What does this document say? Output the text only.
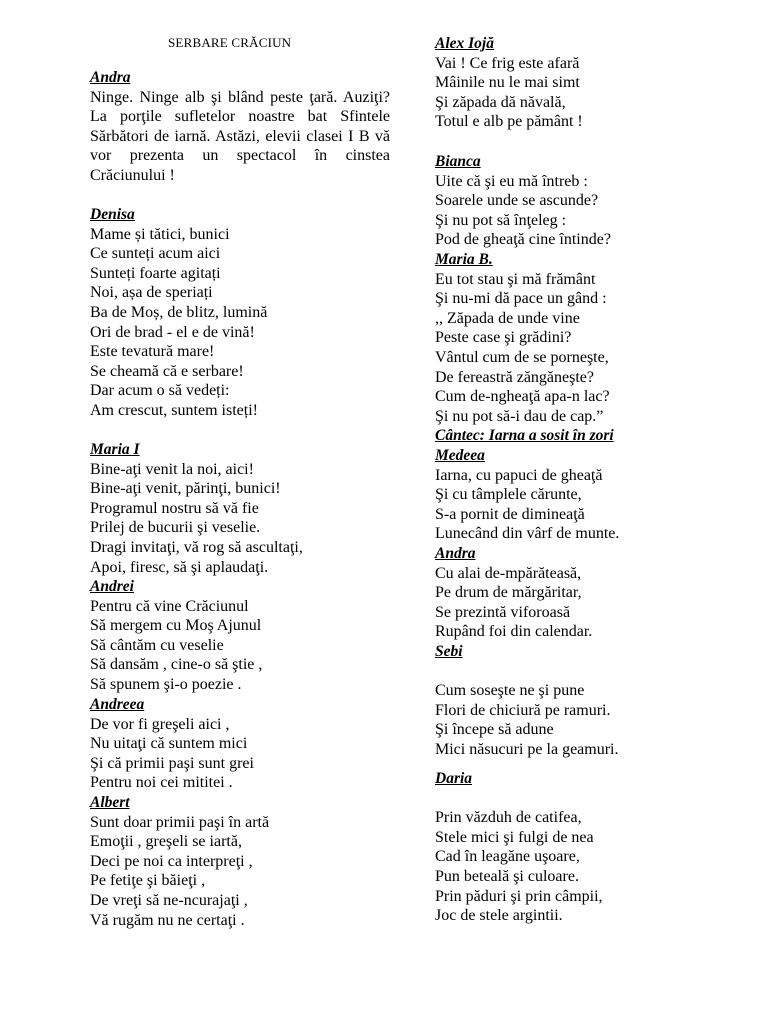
SERBARE CRĂCIUN
Andra
Ninge. Ninge alb şi blând peste ţară. Auziţi? La porţile sufletelor noastre bat Sfintele Sărbători de iarnă. Astăzi, elevii clasei I B vă vor prezenta un spectacol în cinstea Crăciunului !
Denisa
Mame și tătici, bunici
Ce sunteți acum aici
Sunteți foarte agitați
Noi, așa de speriați
Ba de Moș, de blitz, lumină
Ori de brad - el e de vină!
Este tevatură mare!
Se cheamă că e serbare!
Dar acum o să vedeți:
Am crescut, suntem isteți!
Maria I
Bine-aţi venit la noi, aici!
Bine-aţi venit, părinţi, bunici!
Programul nostru să vă fie
Prilej de bucurii şi veselie.
Dragi invitaţi, vă rog să ascultaţi,
Apoi, firesc, să şi aplaudaţi.
Andrei
Pentru că vine Crăciunul
Să mergem cu Moş Ajunul
Să cântăm cu veselie
Să dansăm , cine-o să ştie ,
Să spunem şi-o poezie .
Andreea
De vor fi greşeli aici ,
Nu uitaţi că suntem mici
Şi că primii paşi sunt grei
Pentru noi cei mititei .
Albert
Sunt doar primii paşi în artă
Emoţii , greşeli se iartă,
Deci pe noi ca interpreţi ,
Pe fetiţe şi băieţi ,
De vreţi să ne-ncurajaţi ,
Vă rugăm nu ne certaţi .
Alex Iojă
Vai ! Ce frig este afară
Mâinile nu le mai simt
Şi zăpada dă năvală,
Totul e alb pe pământ !
Bianca
Uite că şi eu mă întreb :
Soarele unde se ascunde?
Şi nu pot să înţeleg :
Pod de gheaţă cine întinde?
Maria B.
Eu tot stau şi mă frământ
Şi nu-mi dă pace un gând :
,, Zăpada de unde vine
Peste case şi grădini?
Vântul cum de se porneşte,
De fereastră zăngăneşte?
Cum de-ngheaţă apa-n lac?
Şi nu pot să-i dau de cap.”
Cântec: Iarna a sosit în zori
Medeea
Iarna, cu papuci de gheaţă
Şi cu tâmplele cărunte,
S-a pornit de dimineaţă
Lunecând din vârf de munte.
Andra
Cu alai de-mpărăteasă,
Pe drum de mărgăritar,
Se prezintă viforoasă
Rupând foi din calendar.
Sebi
Cum soseşte ne şi pune
Flori de chiciură pe ramuri.
Şi începe să adune
Mici năsucuri pe la geamuri.
Daria
Prin văzduh de catifea,
Stele mici şi fulgi de nea
Cad în leagăne uşoare,
Pun beteală şi culoare.
Prin păduri şi prin câmpii,
Joc de stele argintii.
